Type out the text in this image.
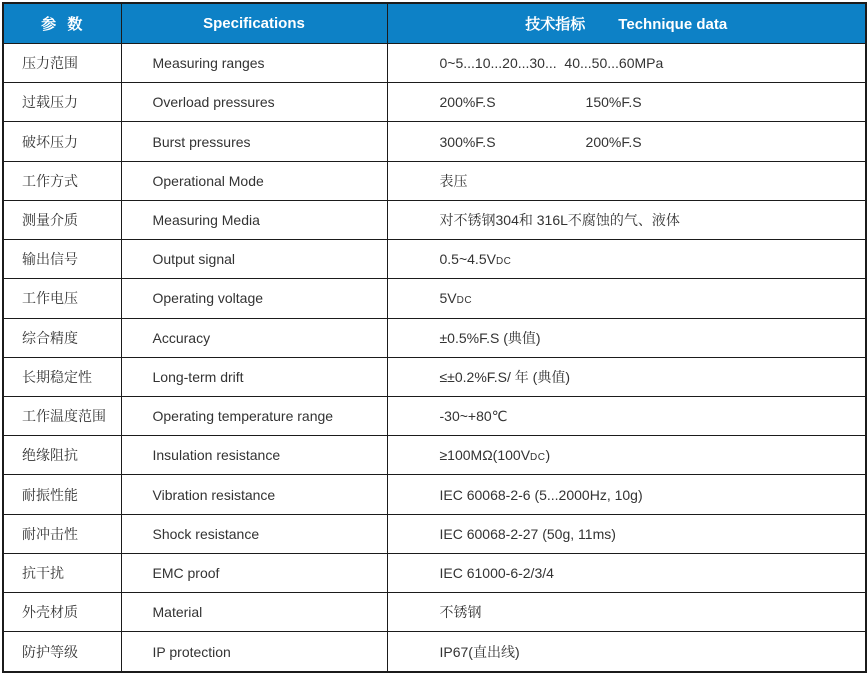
参  数	Specifications	技术指标 Technique data
压力范围	Measuring ranges	0~5...10...20...30...  40...50...60MPa
过载压力	Overload pressures	200%F.S 150%F.S
破坏压力	Burst pressures	300%F.S 200%F.S
工作方式	Operational Mode	表压
测量介质	Measuring Media	对不锈钢304和 316L不腐蚀的气、液体
输出信号	Output signal	0.5~4.5VDC
工作电压	Operating voltage	5VDC
综合精度	Accuracy	±0.5%F.S (典值)
长期稳定性	Long-term drift	≤±0.2%F.S/ 年 (典值)
工作温度范围	Operating temperature range	-30~+80℃
绝缘阻抗	Insulation resistance	≥100MΩ(100VDC)
耐振性能	Vibration resistance	IEC 60068-2-6 (5...2000Hz, 10g)
耐冲击性	Shock resistance	IEC 60068-2-27 (50g, 11ms)
抗干扰	EMC proof	IEC 61000-6-2/3/4
外壳材质	Material	不锈钢
防护等级	IP protection	IP67(直出线)
